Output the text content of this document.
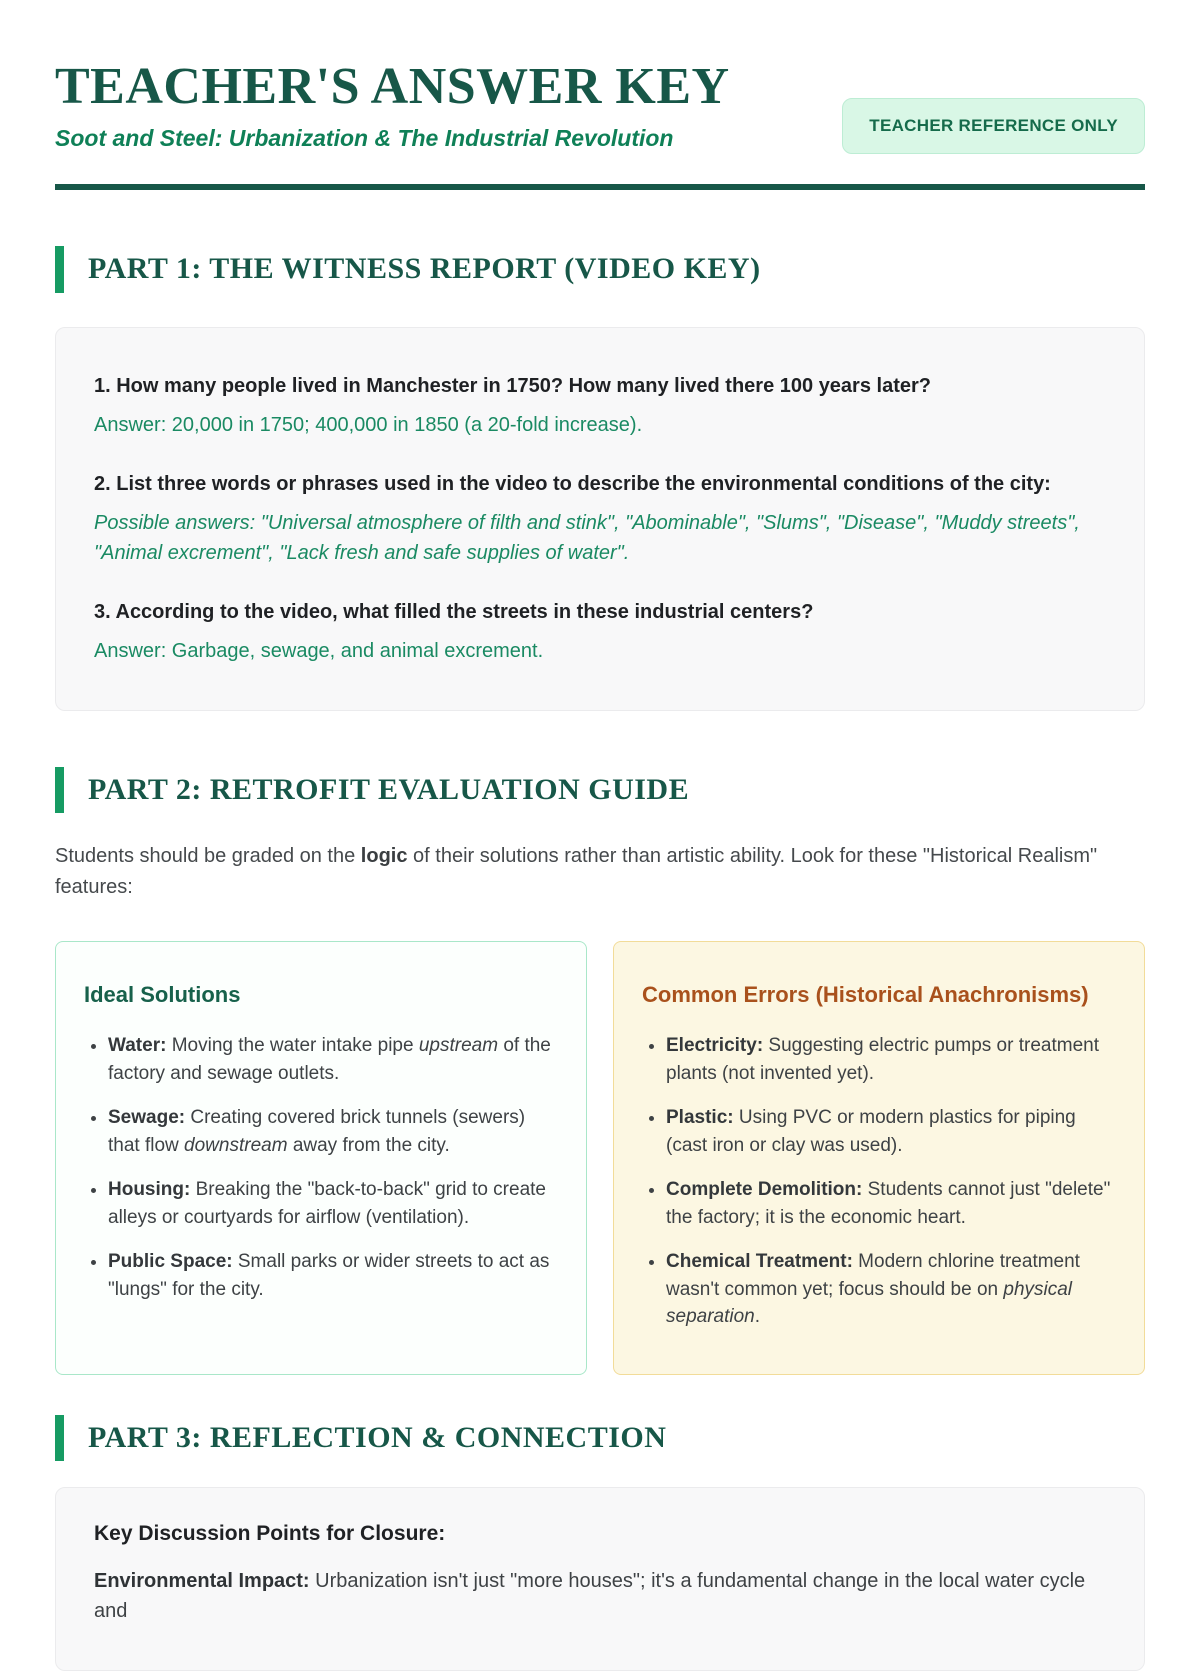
TEACHER'S ANSWER KEY
Soot and Steel: Urbanization & The Industrial Revolution	TEACHER REFERENCE ONLY
PART 1: THE WITNESS REPORT (VIDEO KEY)

1. How many people lived in Manchester in 1750? How many lived there 100 years later?

Answer: 20,000 in 1750; 400,000 in 1850 (a 20-fold increase).

2. List three words or phrases used in the video to describe the environmental conditions of the city:

Possible answers: "Universal atmosphere of filth and stink", "Abominable", "Slums", "Disease", "Muddy streets", "Animal excrement", "Lack fresh and safe supplies of water".

3. According to the video, what filled the streets in these industrial centers?

Answer: Garbage, sewage, and animal excrement.

PART 2: RETROFIT EVALUATION GUIDE

Students should be graded on the logic of their solutions rather than artistic ability. Look for these "Historical Realism" features:

Ideal Solutions
• Water: Moving the water intake pipe upstream of the factory and sewage outlets.
• Sewage: Creating covered brick tunnels (sewers) that flow downstream away from the city.
• Housing: Breaking the "back-to-back" grid to create alleys or courtyards for airflow (ventilation).
• Public Space: Small parks or wider streets to act as "lungs" for the city.
Common Errors (Historical Anachronisms)
• Electricity: Suggesting electric pumps or treatment plants (not invented yet).
• Plastic: Using PVC or modern plastics for piping (cast iron or clay was used).
• Complete Demolition: Students cannot just "delete" the factory; it is the economic heart.
• Chemical Treatment: Modern chlorine treatment wasn't common yet; focus should be on physical separation.
PART 3: REFLECTION & CONNECTION
Key Discussion Points for Closure:

Environmental Impact: Urbanization isn't just "more houses"; it's a fundamental change in the local water cycle and
